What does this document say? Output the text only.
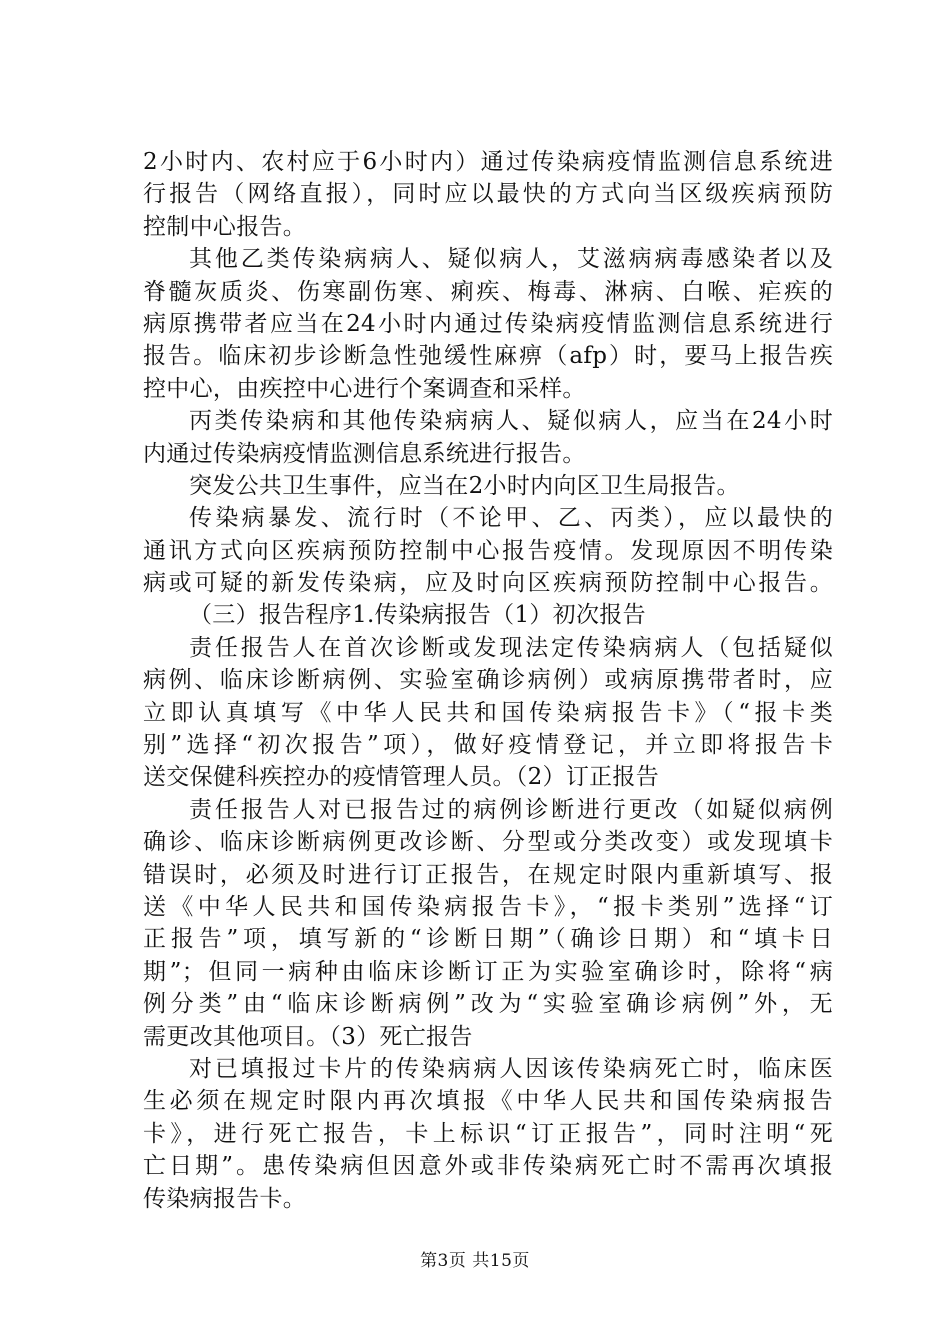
2小时内、农村应于6小时内）通过传染病疫情监测信息系统进
行报告（网络直报），同时应以最快的方式向当区级疾病预防
控制中心报告。
其他乙类传染病病人、疑似病人，艾滋病病毒感染者以及
脊髓灰质炎、伤寒副伤寒、痢疾、梅毒、淋病、白喉、疟疾的
病原携带者应当在24小时内通过传染病疫情监测信息系统进行
报告。临床初步诊断急性弛缓性麻痹（afp）时，要马上报告疾
控中心，由疾控中心进行个案调查和采样。
丙类传染病和其他传染病病人、疑似病人，应当在24小时
内通过传染病疫情监测信息系统进行报告。
突发公共卫生事件，应当在2小时内向区卫生局报告。
传染病暴发、流行时（不论甲、乙、丙类），应以最快的
通讯方式向区疾病预防控制中心报告疫情。发现原因不明传染
病或可疑的新发传染病，应及时向区疾病预防控制中心报告。
（三）报告程序1.传染病报告（1）初次报告
责任报告人在首次诊断或发现法定传染病病人（包括疑似
病例、临床诊断病例、实验室确诊病例）或病原携带者时，应
立即认真填写《中华人民共和国传染病报告卡》（“报卡类
别”选择“初次报告”项），做好疫情登记，并立即将报告卡
送交保健科疾控办的疫情管理人员。（2）订正报告
责任报告人对已报告过的病例诊断进行更改（如疑似病例
确诊、临床诊断病例更改诊断、分型或分类改变）或发现填卡
错误时，必须及时进行订正报告，在规定时限内重新填写、报
送《中华人民共和国传染病报告卡》，“报卡类别”选择“订
正报告”项，填写新的“诊断日期”（确诊日期）和“填卡日
期”；但同一病种由临床诊断订正为实验室确诊时，除将“病
例分类”由“临床诊断病例”改为“实验室确诊病例”外，无
需更改其他项目。（3）死亡报告
对已填报过卡片的传染病病人因该传染病死亡时，临床医
生必须在规定时限内再次填报《中华人民共和国传染病报告
卡》，进行死亡报告，卡上标识“订正报告”，同时注明“死
亡日期”。患传染病但因意外或非传染病死亡时不需再次填报
传染病报告卡。
第3页 共15页
